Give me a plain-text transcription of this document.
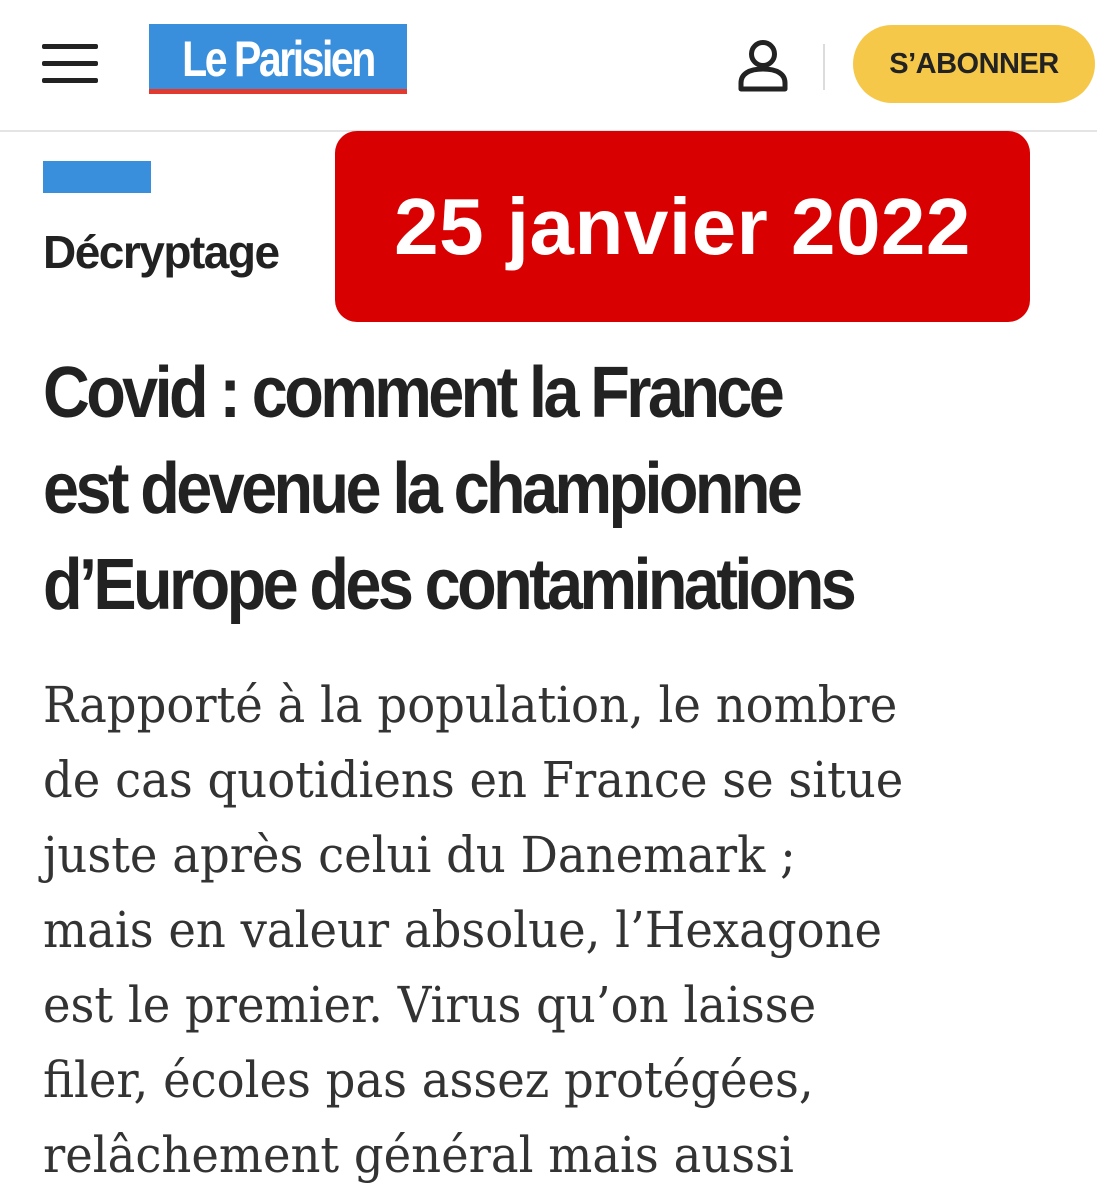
Le Parisien	S’ABONNER
Décryptage	25 janvier 2022
Covid : comment la France
est devenue la championne
d’Europe des contaminations

Rapporté à la population, le nombre
de cas quotidiens en France se situe
juste après celui du Danemark ;
mais en valeur absolue, l’Hexagone
est le premier. Virus qu’on laisse
filer, écoles pas assez protégées,
relâchement général mais aussi
